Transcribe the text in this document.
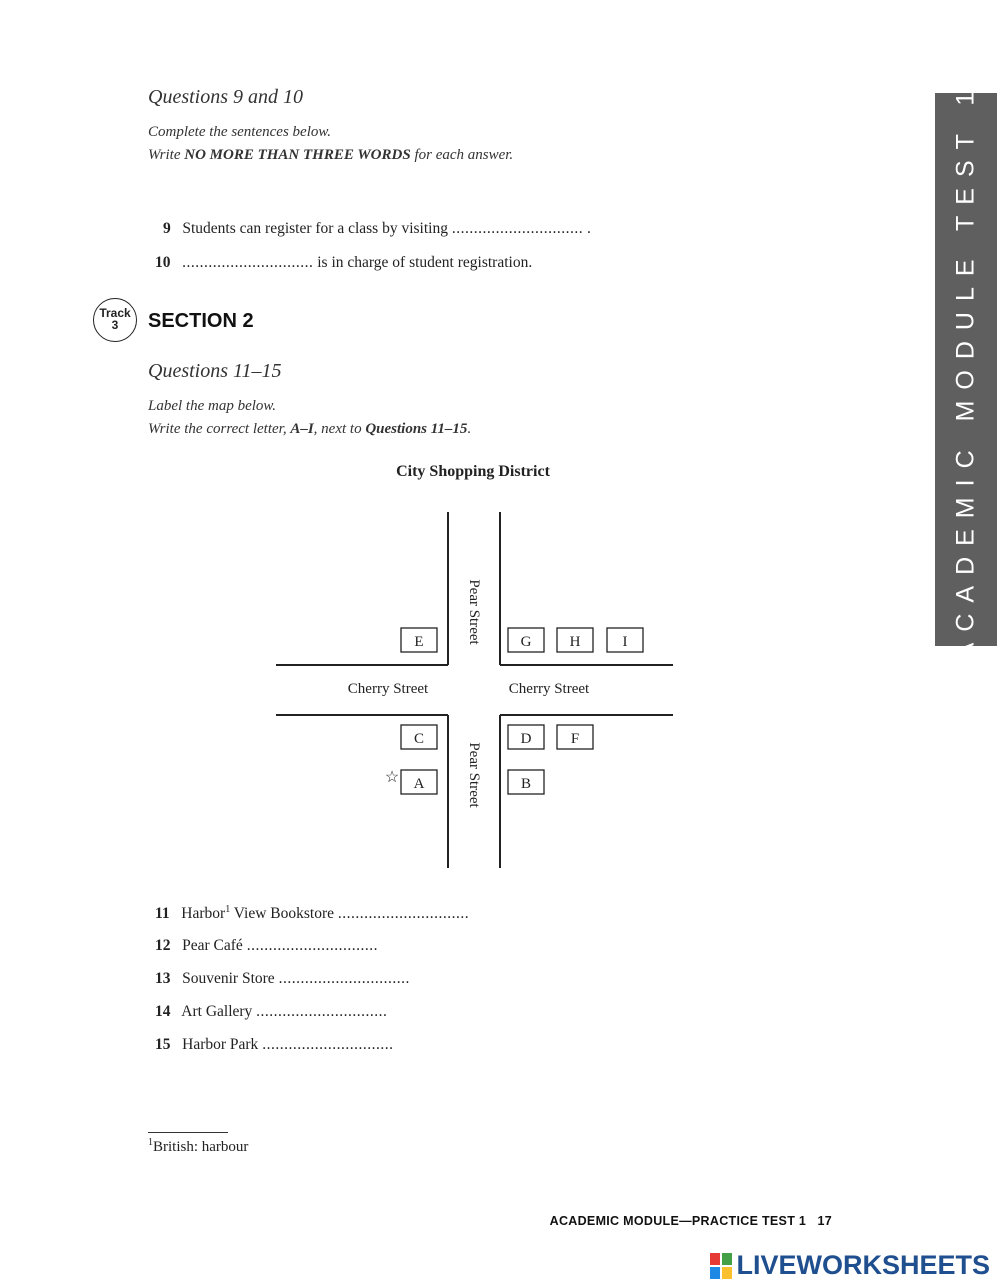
ACADEMIC MODULE TEST 1
Questions 9 and 10
Complete the sentences below.
Write NO MORE THAN THREE WORDS for each answer.
9 Students can register for a class by visiting .............................. .
10 .............................. is in charge of student registration.
Track
3	SECTION 2
Questions 11–15
Label the map below.
Write the correct letter, A–I, next to Questions 11–15.
City Shopping District
E	G	H	I
C	D	F
A	B
Cherry Street	Cherry Street
Pear Street
Pear Street
☆
11 Harbor$^1$ View Bookstore ..............................
12 Pear Café ..............................
13 Souvenir Store ..............................
14 Art Gallery ..............................
15 Harbor Park ..............................
$^1$British: harbour
ACADEMIC MODULE—PRACTICE TEST 1 17
LIVEWORKSHEETS
